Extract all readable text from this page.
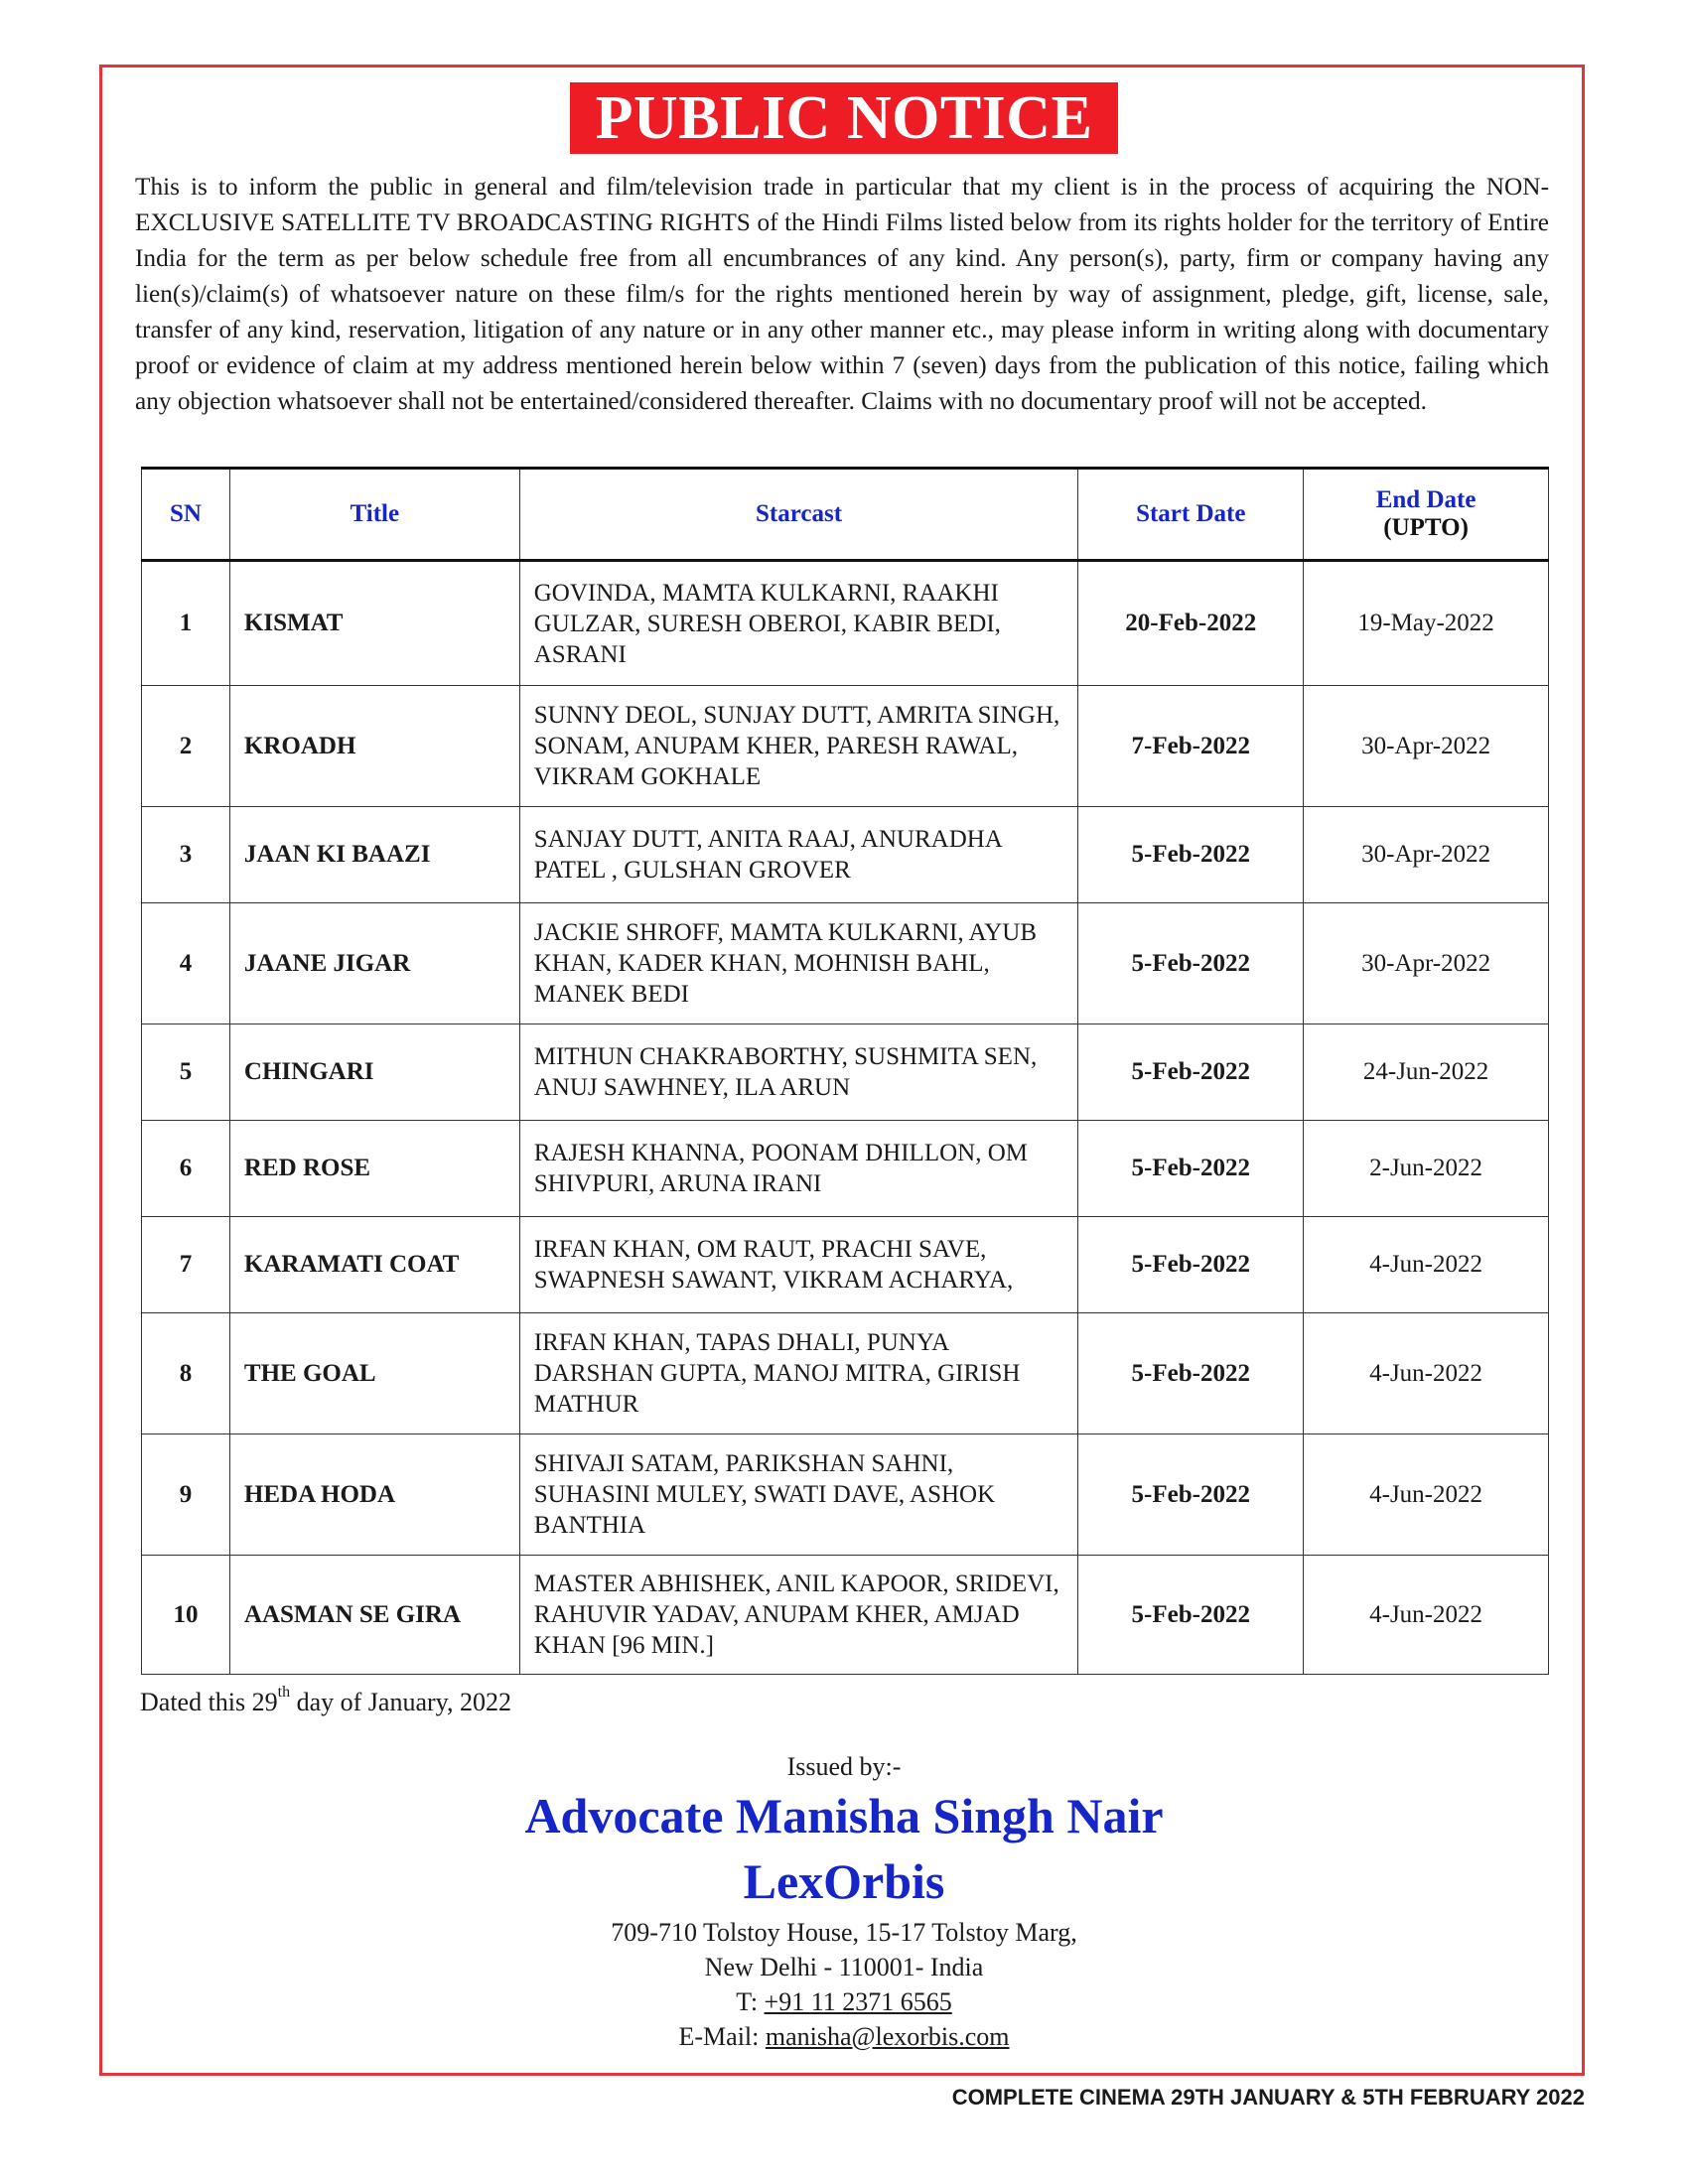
PUBLIC NOTICE
This is to inform the public in general and film/television trade in particular that my client is in the process of acquiring the NON-EXCLUSIVE SATELLITE TV BROADCASTING RIGHTS of the Hindi Films listed below from its rights holder for the territory of Entire India for the term as per below schedule free from all encumbrances of any kind. Any person(s), party, firm or company having any lien(s)/claim(s) of whatsoever nature on these film/s for the rights mentioned herein by way of assignment, pledge, gift, license, sale, transfer of any kind, reservation, litigation of any nature or in any other manner etc., may please inform in writing along with documentary proof or evidence of claim at my address mentioned herein below within 7 (seven) days from the publication of this notice, failing which any objection whatsoever shall not be entertained/considered thereafter. Claims with no documentary proof will not be accepted.
SN	Title	Starcast	Start Date	End Date
(UPTO)

1	KISMAT	GOVINDA, MAMTA KULKARNI, RAAKHI GULZAR, SURESH OBEROI, KABIR BEDI, ASRANI	20-Feb-2022	19-May-2022
2	KROADH	SUNNY DEOL, SUNJAY DUTT, AMRITA SINGH, SONAM, ANUPAM KHER, PARESH RAWAL, VIKRAM GOKHALE	7-Feb-2022	30-Apr-2022
3	JAAN KI BAAZI	SANJAY DUTT, ANITA RAAJ, ANURADHA PATEL , GULSHAN GROVER	5-Feb-2022	30-Apr-2022
4	JAANE JIGAR	JACKIE SHROFF, MAMTA KULKARNI, AYUB KHAN, KADER KHAN, MOHNISH BAHL, MANEK BEDI	5-Feb-2022	30-Apr-2022
5	CHINGARI	MITHUN CHAKRABORTHY, SUSHMITA SEN, ANUJ SAWHNEY, ILA ARUN	5-Feb-2022	24-Jun-2022
6	RED ROSE	RAJESH KHANNA, POONAM DHILLON, OM SHIVPURI, ARUNA IRANI	5-Feb-2022	2-Jun-2022
7	KARAMATI COAT	IRFAN KHAN, OM RAUT, PRACHI SAVE, SWAPNESH SAWANT, VIKRAM ACHARYA,	5-Feb-2022	4-Jun-2022
8	THE GOAL	IRFAN KHAN, TAPAS DHALI, PUNYA DARSHAN GUPTA, MANOJ MITRA, GIRISH MATHUR	5-Feb-2022	4-Jun-2022
9	HEDA HODA	SHIVAJI SATAM, PARIKSHAN SAHNI, SUHASINI MULEY, SWATI DAVE, ASHOK BANTHIA	5-Feb-2022	4-Jun-2022
10	AASMAN SE GIRA	MASTER ABHISHEK, ANIL KAPOOR, SRIDEVI, RAHUVIR YADAV, ANUPAM KHER, AMJAD KHAN [96 MIN.]	5-Feb-2022	4-Jun-2022
Dated this 29th day of January, 2022
Issued by:-
Advocate Manisha Singh Nair
LexOrbis
709-710 Tolstoy House, 15-17 Tolstoy Marg,
New Delhi - 110001- India
T: +91 11 2371 6565
E-Mail: manisha@lexorbis.com
COMPLETE CINEMA 29TH JANUARY & 5TH FEBRUARY 2022
